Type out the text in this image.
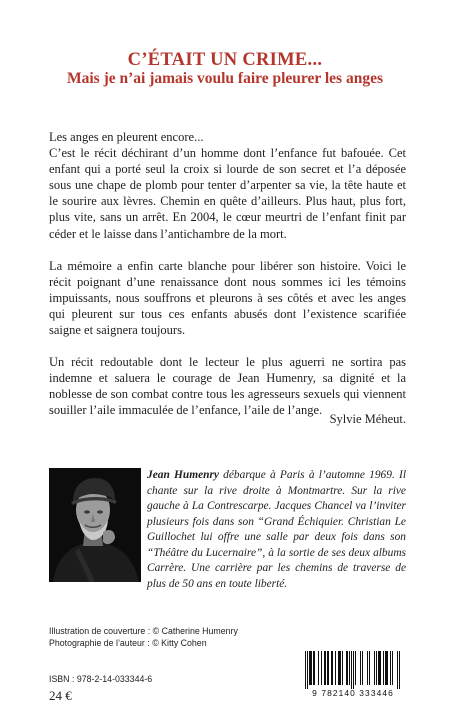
C’ÉTAIT UN CRIME...
Mais je n’ai jamais voulu faire pleurer les anges

Les anges en pleurent encore...

C’est le récit déchirant d’un homme dont l’enfance fut bafouée. Cet enfant qui a porté seul la croix si lourde de son secret et l’a déposée sous une chape de plomb pour tenter d’arpenter sa vie, la tête haute et le sourire aux lèvres. Chemin en quête d’ailleurs. Plus haut, plus fort, plus vite, sans un arrêt. En 2004, le cœur meurtri de l’enfant finit par céder et le laisse dans l’antichambre de la mort.

La mémoire a enfin carte blanche pour libérer son histoire. Voici le récit poignant d’une renaissance dont nous sommes ici les témoins impuissants, nous souffrons et pleurons à ses côtés et avec les anges qui pleurent sur tous ces enfants abusés dont l’existence scarifiée saigne et saignera toujours.

Un récit redoutable dont le lecteur le plus aguerri ne sortira pas indemne et saluera le courage de Jean Humenry, sa dignité et la noblesse de son combat contre tous les agresseurs sexuels qui viennent souiller l’aile immaculée de l’enfance, l’aile de l’ange.

Sylvie Méheut.
Jean Humenry débarque à Paris à l’automne 1969. Il chante sur la rive droite à Montmartre. Sur la rive gauche à La Contrescarpe. Jacques Chancel va l’inviter plusieurs fois dans son “Grand Échiquier. Christian Le Guillochet lui offre une salle par deux fois dans son “Théâtre du Lucernaire”, à la sortie de ses deux albums Carrère. Une carrière par les chemins de traverse de plus de 50 ans en toute liberté.
Illustration de couverture : © Catherine Humenry
Photographie de l’auteur : © Kitty Cohen
ISBN : 978-2-14-033344-6
24 €	9 782140 333446
